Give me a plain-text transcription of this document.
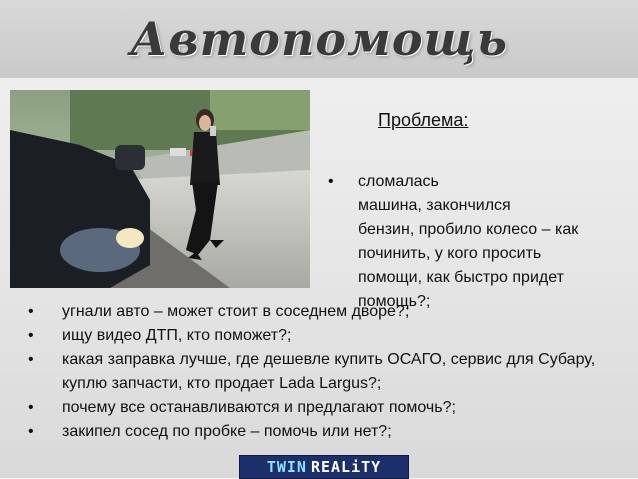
Автопомощь
Проблема:
•	сломалась
машина, закончился
бензин, пробило колесо – как
починить, у кого просить
помощи, как быстро придет
помощь?;
•	угнали авто – может стоит в соседнем дворе?;
•	ищу видео ДТП, кто поможет?;
•	какая заправка лучше, где дешевле купить ОСАГО, сервис для Субару, куплю запчасти, кто продает Lada Largus?;
•	почему все останавливаются и предлагают помочь?;
•	закипел сосед по пробке – помочь или нет?;
TWIN REALiTY
